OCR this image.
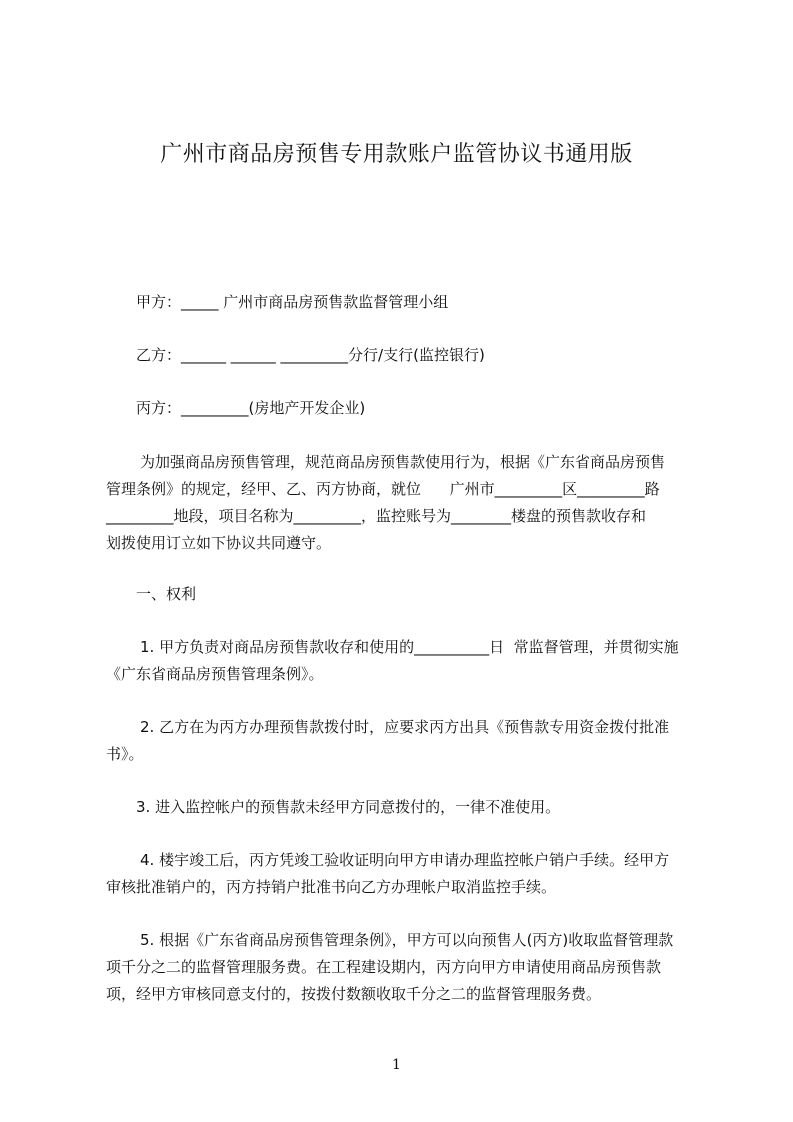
广州市商品房预售专用款账户监管协议书通用版
甲方：_____ 广州市商品房预售款监督管理小组
乙方：______ ______ _________分行/支行(监控银行)
丙方：_________(房地产开发企业)
为加强商品房预售管理，规范商品房预售款使用行为，根据《广东省商品房预售
管理条例》的规定，经甲、乙、丙方协商，就位      广州市_________区_________路
_________地段，项目名称为_________，监控账号为________楼盘的预售款收存和
划拨使用订立如下协议共同遵守。
一、权利
1. 甲方负责对商品房预售款收存和使用的__________日  常监督管理，并贯彻实施
《广东省商品房预售管理条例》。
2. 乙方在为丙方办理预售款拨付时，应要求丙方出具《预售款专用资金拨付批准
书》。
3. 进入监控帐户的预售款未经甲方同意拨付的，一律不准使用。
4. 楼宇竣工后，丙方凭竣工验收证明向甲方申请办理监控帐户销户手续。经甲方
审核批准销户的，丙方持销户批准书向乙方办理帐户取消监控手续。
5. 根据《广东省商品房预售管理条例》，甲方可以向预售人(丙方)收取监督管理款
项千分之二的监督管理服务费。在工程建设期内，丙方向甲方申请使用商品房预售款
项，经甲方审核同意支付的，按拨付数额收取千分之二的监督管理服务费。
1
